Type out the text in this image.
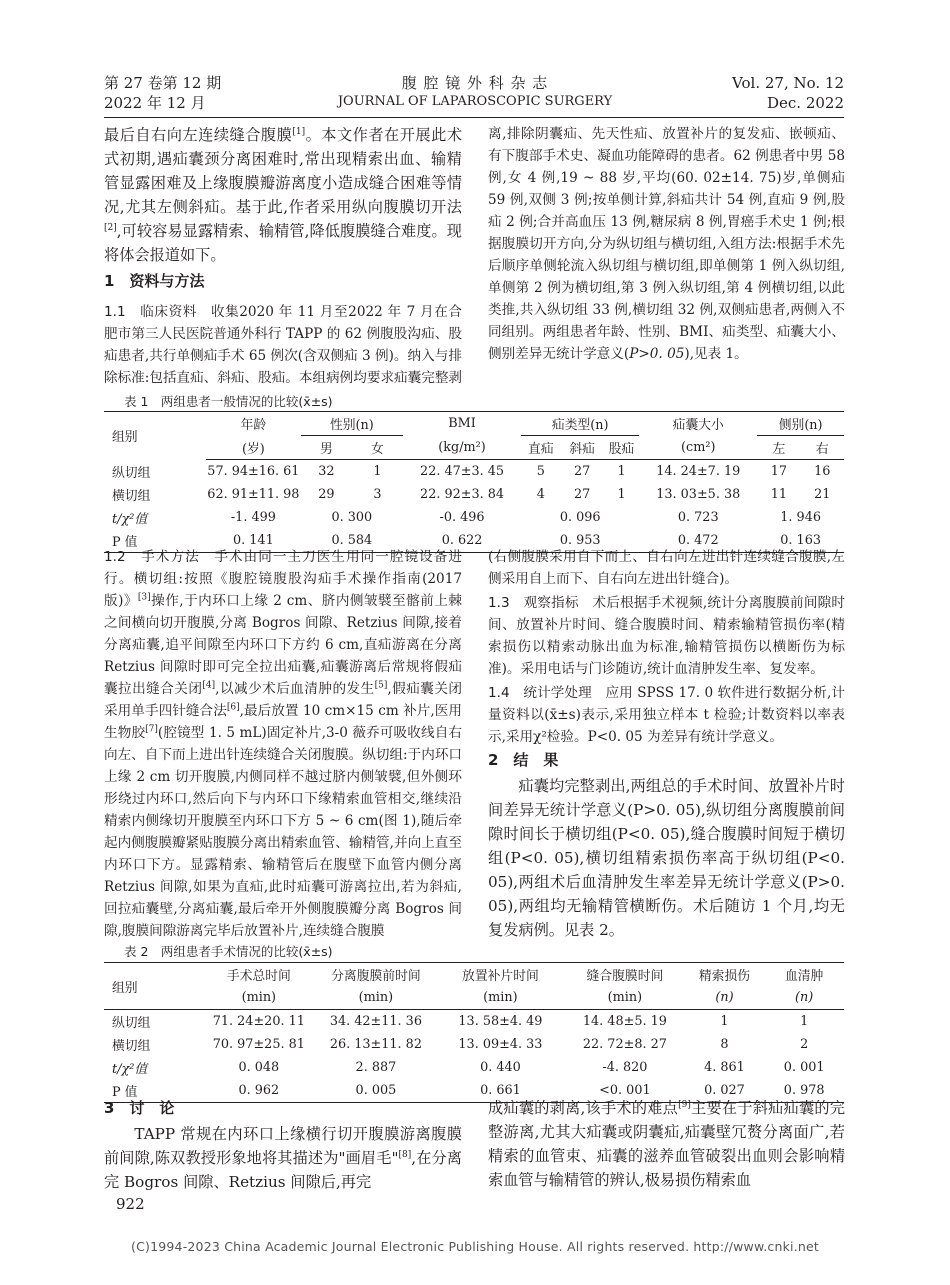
第 27 卷第 12 期
2022 年 12 月
腹 腔 镜 外 科 杂 志
JOURNAL OF LAPAROSCOPIC SURGERY
Vol. 27, No. 12
Dec. 2022

最后自右向左连续缝合腹膜[1]。本文作者在开展此术式初期,遇疝囊颈分离困难时,常出现精索出血、输精管显露困难及上缘腹膜瓣游离度小造成缝合困难等情况,尤其左侧斜疝。基于此,作者采用纵向腹膜切开法[2],可较容易显露精索、输精管,降低腹膜缝合难度。现将体会报道如下。

1　资料与方法

1.1　临床资料　收集2020 年 11 月至2022 年 7 月在合肥市第三人民医院普通外科行 TAPP 的 62 例腹股沟疝、股疝患者,共行单侧疝手术 65 例次(含双侧疝 3 例)。纳入与排除标准:包括直疝、斜疝、股疝。本组病例均要求疝囊完整剥

离,排除阴囊疝、先天性疝、放置补片的复发疝、嵌顿疝、有下腹部手术史、凝血功能障碍的患者。62 例患者中男 58 例,女 4 例,19 ~ 88 岁,平均(60. 02±14. 75)岁,单侧疝 59 例,双侧 3 例;按单侧计算,斜疝共计 54 例,直疝 9 例,股疝 2 例;合并高血压 13 例,糖尿病 8 例,胃癌手术史 1 例;根据腹膜切开方向,分为纵切组与横切组,入组方法:根据手术先后顺序单侧轮流入纵切组与横切组,即单侧第 1 例入纵切组,单侧第 2 例为横切组,第 3 例入纵切组,第 4 例横切组,以此类推,共入纵切组 33 例,横切组 32 例,双侧疝患者,两侧入不同组别。两组患者年龄、性别、BMI、疝类型、疝囊大小、侧别差异无统计学意义(P>0. 05),见表 1。

表 1　两组患者一般情况的比较(x̄±s)
组别	年龄	性别(n)		BMI	疝类型(n)			疝囊大小	侧别(n)	
	(岁)	男	女	(kg/m²)	直疝	斜疝	股疝	(cm²)	左	右
纵切组	57. 94±16. 61	32	1	22. 47±3. 45	5	27	1	14. 24±7. 19	17	16
横切组	62. 91±11. 98	29	3	22. 92±3. 84	4	27	1	13. 03±5. 38	11	21
t/χ²值	-1. 499	0. 300		-0. 496	0. 096			0. 723	1. 946	
P 值	0. 141	0. 584		0. 622	0. 953			0. 472	0. 163	

1.2　手术方法　手术由同一主刀医生用同一腔镜设备进行。横切组:按照《腹腔镜腹股沟疝手术操作指南(2017 版)》[3]操作,于内环口上缘 2 cm、脐内侧皱襞至髂前上棘之间横向切开腹膜,分离 Bogros 间隙、Retzius 间隙,接着分离疝囊,追平间隙至内环口下方约 6 cm,直疝游离在分离 Retzius 间隙时即可完全拉出疝囊,疝囊游离后常规将假疝囊拉出缝合关闭[4],以减少术后血清肿的发生[5],假疝囊关闭采用单手四针缝合法[6],最后放置 10 cm×15 cm 补片,医用生物胶[7](腔镜型 1. 5 mL)固定补片,3-0 薇乔可吸收线自右向左、自下而上进出针连续缝合关闭腹膜。纵切组:于内环口上缘 2 cm 切开腹膜,内侧同样不越过脐内侧皱襞,但外侧环形绕过内环口,然后向下与内环口下缘精索血管相交,继续沿精索内侧缘切开腹膜至内环口下方 5 ~ 6 cm(图 1),随后牵起内侧腹膜瓣紧贴腹膜分离出精索血管、输精管,并向上直至内环口下方。显露精索、输精管后在腹壁下血管内侧分离 Retzius 间隙,如果为直疝,此时疝囊可游离拉出,若为斜疝,回拉疝囊壁,分离疝囊,最后牵开外侧腹膜瓣分离 Bogros 间隙,腹膜间隙游离完毕后放置补片,连续缝合腹膜

(右侧腹膜采用自下而上、自右向左进出针连续缝合腹膜,左侧采用自上而下、自右向左进出针缝合)。

1.3　观察指标　术后根据手术视频,统计分离腹膜前间隙时间、放置补片时间、缝合腹膜时间、精索输精管损伤率(精索损伤以精索动脉出血为标准,输精管损伤以横断伤为标准)。采用电话与门诊随访,统计血清肿发生率、复发率。

1.4　统计学处理　应用 SPSS 17. 0 软件进行数据分析,计量资料以(x̄±s)表示,采用独立样本 t 检验;计数资料以率表示,采用χ²检验。P<0. 05 为差异有统计学意义。

2　结　果

疝囊均完整剥出,两组总的手术时间、放置补片时间差异无统计学意义(P>0. 05),纵切组分离腹膜前间隙时间长于横切组(P<0. 05),缝合腹膜时间短于横切组(P<0. 05),横切组精索损伤率高于纵切组(P<0. 05),两组术后血清肿发生率差异无统计学意义(P>0. 05),两组均无输精管横断伤。术后随访 1 个月,均无复发病例。见表 2。

表 2　两组患者手术情况的比较(x̄±s)
组别	手术总时间	分离腹膜前时间	放置补片时间	缝合腹膜时间	精索损伤	血清肿
	(min)	(min)	(min)	(min)	(n)	(n)
纵切组	71. 24±20. 11	34. 42±11. 36	13. 58±4. 49	14. 48±5. 19	1	1
横切组	70. 97±25. 81	26. 13±11. 82	13. 09±4. 33	22. 72±8. 27	8	2
t/χ²值	0. 048	2. 887	0. 440	-4. 820	4. 861	0. 001
P 值	0. 962	0. 005	0. 661	<0. 001	0. 027	0. 978
3　讨　论

TAPP 常规在内环口上缘横行切开腹膜游离腹膜前间隙,陈双教授形象地将其描述为"画眉毛"[8],在分离完 Bogros 间隙、Retzius 间隙后,再完

922

成疝囊的剥离,该手术的难点[9]主要在于斜疝疝囊的完整游离,尤其大疝囊或阴囊疝,疝囊壁冗赘分离面广,若精索的血管束、疝囊的滋养血管破裂出血则会影响精索血管与输精管的辨认,极易损伤精索血

(C)1994-2023 China Academic Journal Electronic Publishing House. All rights reserved. http://www.cnki.net
